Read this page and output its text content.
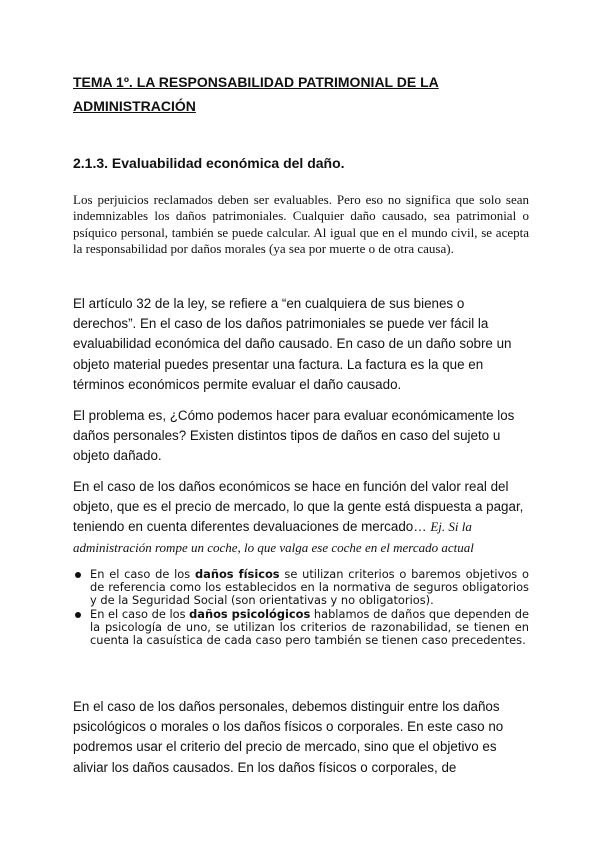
TEMA 1º. LA RESPONSABILIDAD PATRIMONIAL DE LA ADMINISTRACIÓN
2.1.3. Evaluabilidad económica del daño.

Los perjuicios reclamados deben ser evaluables. Pero eso no significa que solo sean indemnizables los daños patrimoniales. Cualquier daño causado, sea patrimonial o psíquico personal, también se puede calcular. Al igual que en el mundo civil, se acepta la responsabilidad por daños morales (ya sea por muerte o de otra causa).

El artículo 32 de la ley, se refiere a “en cualquiera de sus bienes o derechos”. En el caso de los daños patrimoniales se puede ver fácil la evaluabilidad económica del daño causado. En caso de un daño sobre un objeto material puedes presentar una factura. La factura es la que en términos económicos permite evaluar el daño causado.

El problema es, ¿Cómo podemos hacer para evaluar económicamente los daños personales? Existen distintos tipos de daños en caso del sujeto u objeto dañado.

En el caso de los daños económicos se hace en función del valor real del objeto, que es el precio de mercado, lo que la gente está dispuesta a pagar, teniendo en cuenta diferentes devaluaciones de mercado… Ej. Si la administración rompe un coche, lo que valga ese coche en el mercado actual

En el caso de los daños físicos se utilizan criterios o baremos objetivos o de referencia como los establecidos en la normativa de seguros obligatorios y de la Seguridad Social (son orientativas y no obligatorios).
En el caso de los daños psicológicos hablamos de daños que dependen de la psicología de uno, se utilizan los criterios de razonabilidad, se tienen en cuenta la casuística de cada caso pero también se tienen caso precedentes.

En el caso de los daños personales, debemos distinguir entre los daños psicológicos o morales o los daños físicos o corporales. En este caso no podremos usar el criterio del precio de mercado, sino que el objetivo es aliviar los daños causados. En los daños físicos o corporales, de
